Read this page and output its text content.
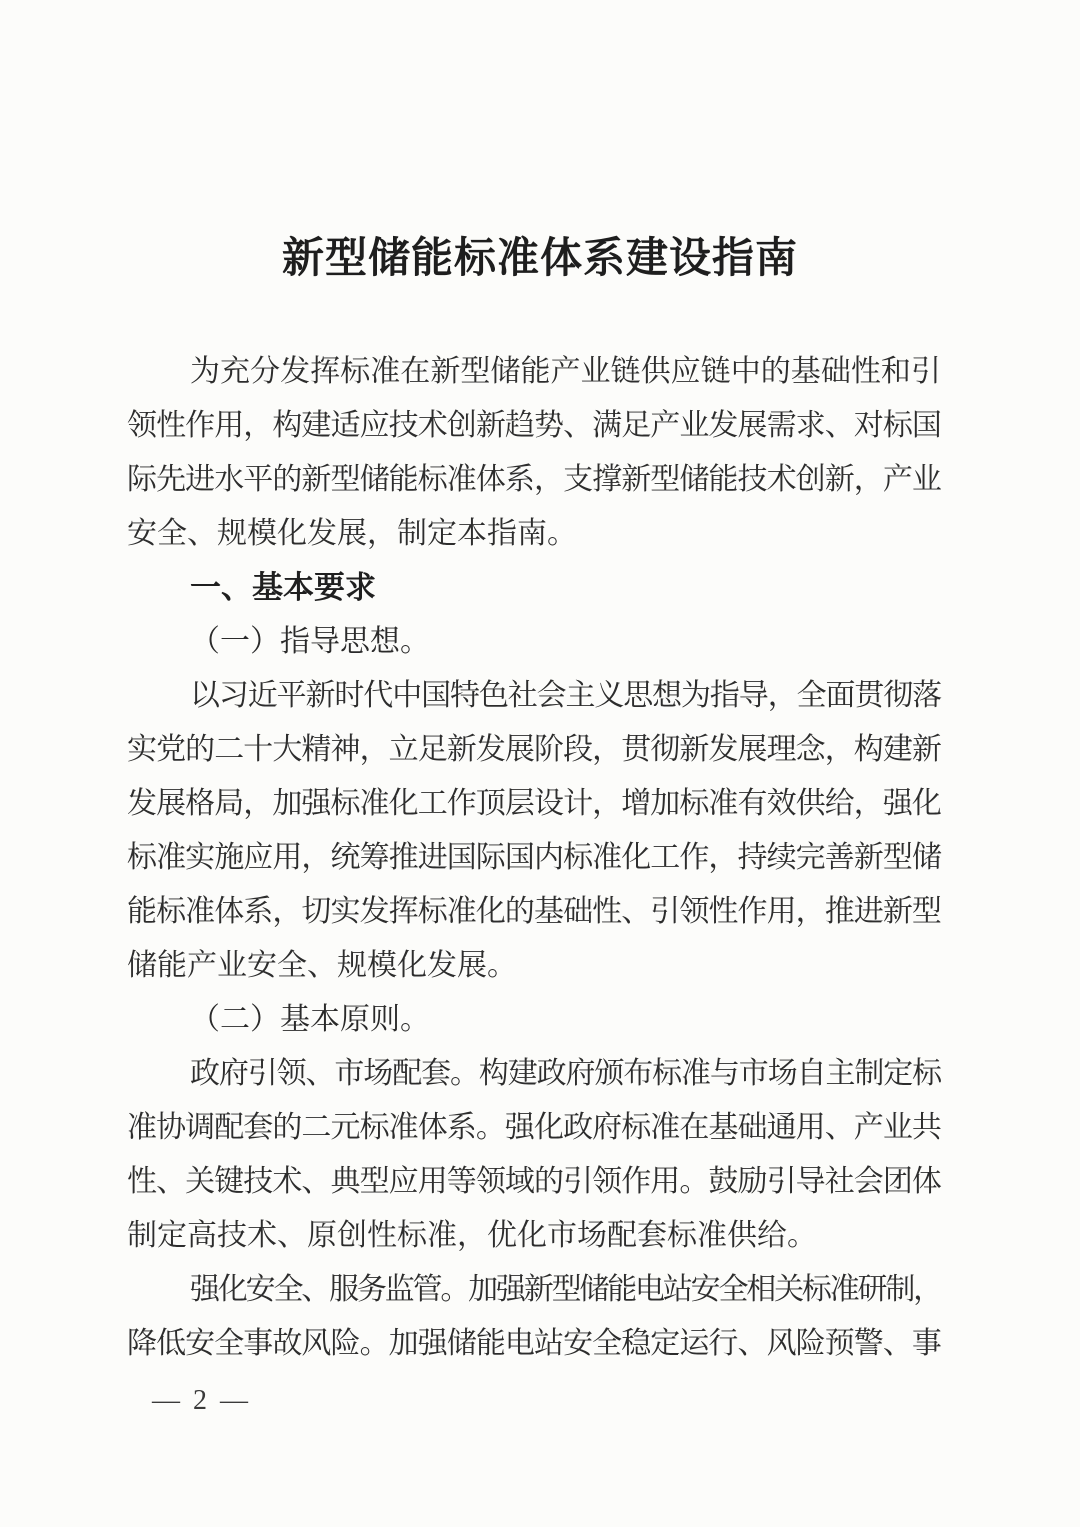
新型储能标准体系建设指南
为充分发挥标准在新型储能产业链供应链中的基础性和引
领性作用，构建适应技术创新趋势、满足产业发展需求、对标国
际先进水平的新型储能标准体系，支撑新型储能技术创新，产业
安全、规模化发展，制定本指南。
一、基本要求
（一）指导思想。
以习近平新时代中国特色社会主义思想为指导，全面贯彻落
实党的二十大精神，立足新发展阶段，贯彻新发展理念，构建新
发展格局，加强标准化工作顶层设计，增加标准有效供给，强化
标准实施应用，统筹推进国际国内标准化工作，持续完善新型储
能标准体系，切实发挥标准化的基础性、引领性作用，推进新型
储能产业安全、规模化发展。
（二）基本原则。
政府引领、市场配套。构建政府颁布标准与市场自主制定标
准协调配套的二元标准体系。强化政府标准在基础通用、产业共
性、关键技术、典型应用等领域的引领作用。鼓励引导社会团体
制定高技术、原创性标准，优化市场配套标准供给。
强化安全、服务监管。加强新型储能电站安全相关标准研制，
降低安全事故风险。加强储能电站安全稳定运行、风险预警、事
— 2 —
